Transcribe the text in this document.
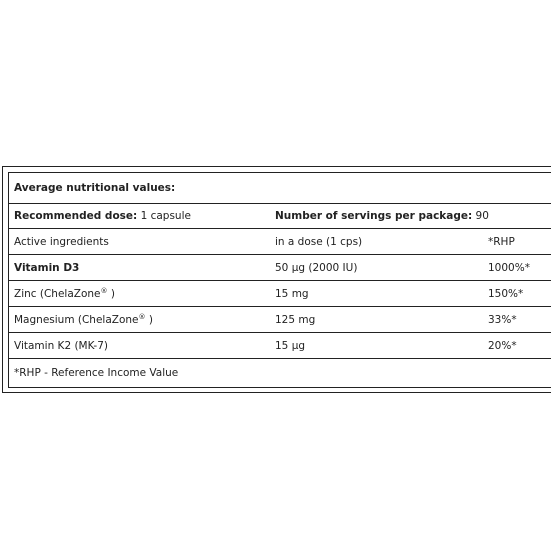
Average nutritional values:
Recommended dose: 1 capsule	Number of servings per package: 90
Active ingredients	in a dose (1 cps)	*RHP
Vitamin D3	50 µg (2000 IU)	1000%*
Zinc (ChelaZone® )	15 mg	150%*
Magnesium (ChelaZone® )	125 mg	33%*
Vitamin K2 (MK-7)	15 µg	20%*
*RHP - Reference Income Value
